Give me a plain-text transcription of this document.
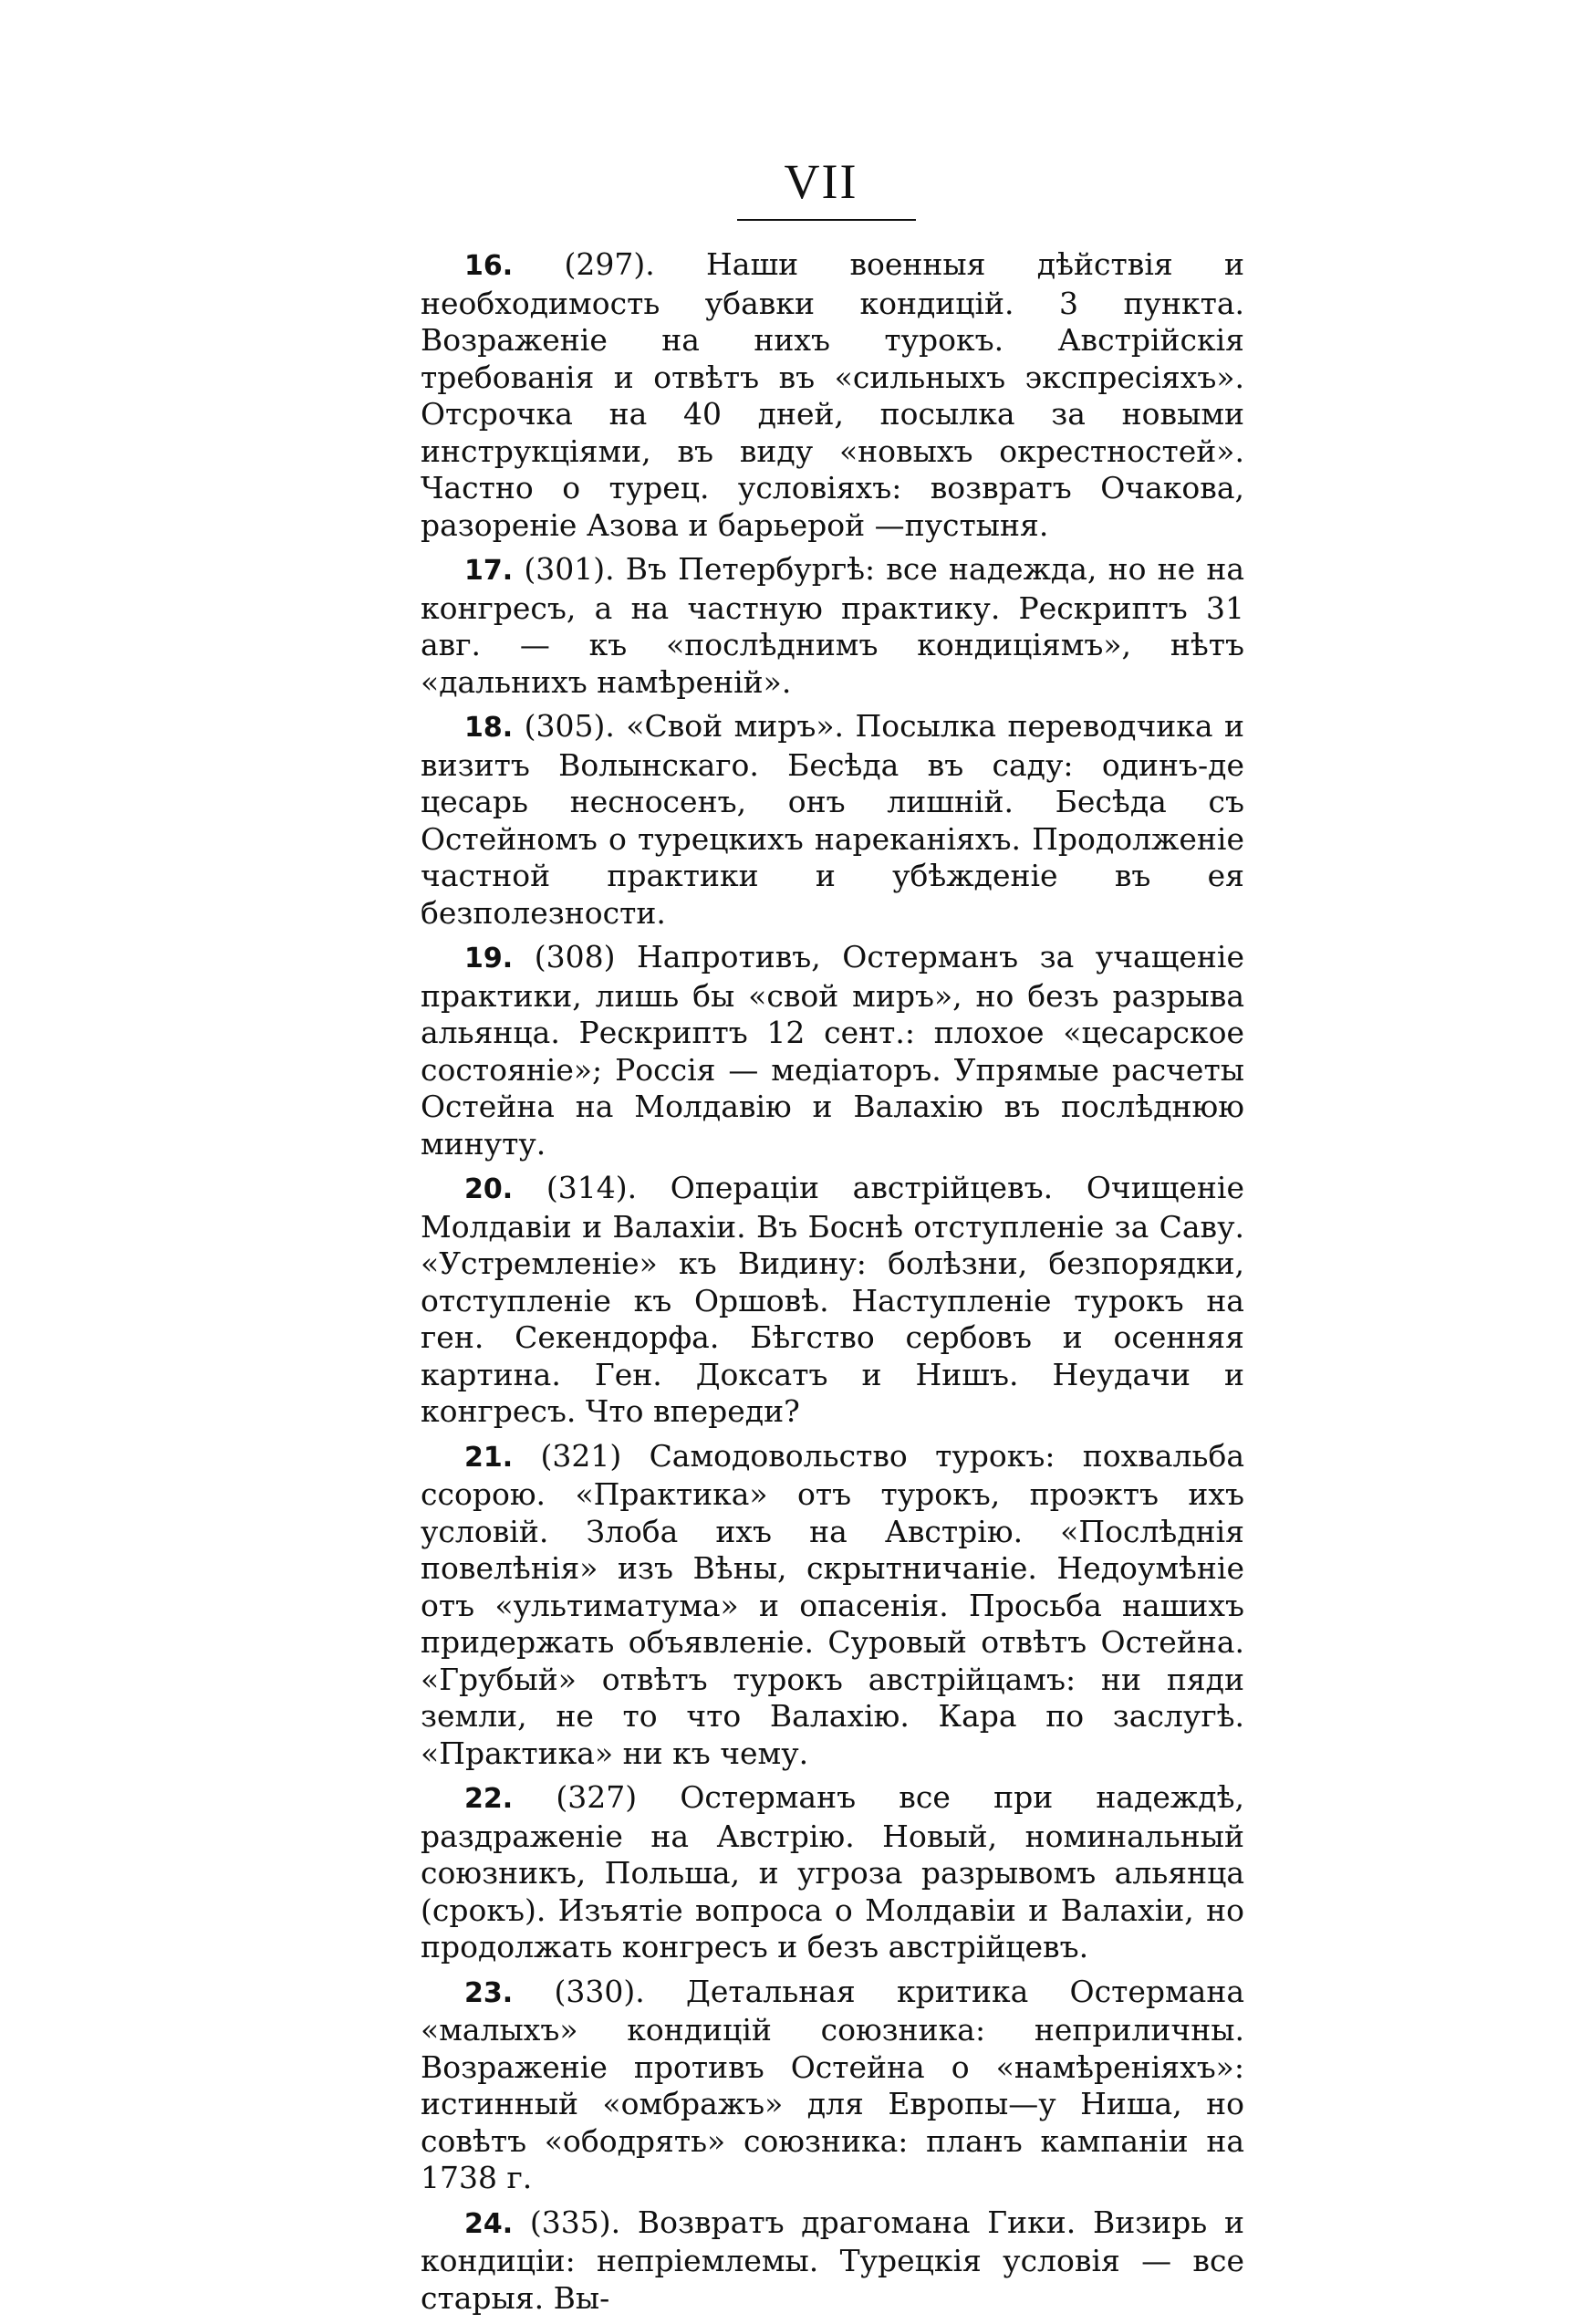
VII

16. (297). Наши военныя дѣйствія и необходимость убавки кондицій. 3 пункта. Возраженіе на нихъ турокъ. Австрійскія требованія и отвѣтъ въ «сильныхъ экспресіяхъ». Отсрочка на 40 дней, посылка за новыми инструкціями, въ виду «новыхъ окрестностей». Частно о турец. условіяхъ: возвратъ Очакова, разореніе Азова и барьерой —пустыня.

17. (301). Въ Петербургѣ: все надежда, но не на конгресъ, а на частную практику. Рескриптъ 31 авг. — къ «послѣднимъ кондиціямъ», нѣтъ «дальнихъ намѣреній».

18. (305). «Свой миръ». Посылка переводчика и визитъ Волынскаго. Бесѣда въ саду: одинъ-де цесарь несносенъ, онъ лишній. Бесѣда съ Остейномъ о турецкихъ нареканіяхъ. Продолженіе частной практики и убѣжденіе въ ея безполезности.

19. (308) Напротивъ, Остерманъ за учащеніе практики, лишь бы «свой миръ», но безъ разрыва альянца. Рескриптъ 12 сент.: плохое «цесарское состояніе»; Россія — медіаторъ. Упрямые расчеты Остейна на Молдавію и Валахію въ послѣднюю минуту.

20. (314). Операціи австрійцевъ. Очищеніе Молдавіи и Валахіи. Въ Боснѣ отступленіе за Саву. «Устремленіе» къ Видину: болѣзни, безпорядки, отступленіе къ Оршовѣ. Наступленіе турокъ на ген. Секендорфа. Бѣгство сербовъ и осенняя картина. Ген. Доксатъ и Нишъ. Неудачи и конгресъ. Что впереди?

21. (321) Самодовольство турокъ: похвальба ссорою. «Практика» отъ турокъ, проэктъ ихъ условій. Злоба ихъ на Австрію. «Послѣднія повелѣнія» изъ Вѣны, скрытничаніе. Недоумѣніе отъ «ультиматума» и опасенія. Просьба нашихъ придержать объявленіе. Суровый отвѣтъ Остейна. «Грубый» отвѣтъ турокъ австрійцамъ: ни пяди земли, не то что Валахію. Кара по заслугѣ. «Практика» ни къ чему.

22. (327) Остерманъ все при надеждѣ, раздраженіе на Австрію. Новый, номинальный союзникъ, Польша, и угроза разрывомъ альянца (срокъ). Изъятіе вопроса о Молдавіи и Валахіи, но продолжать конгресъ и безъ австрійцевъ.

23. (330). Детальная критика Остермана «малыхъ» кондицій союзника: неприличны. Возраженіе противъ Остейна о «намѣреніяхъ»: истинный «омбражъ» для Европы—у Ниша, но совѣтъ «ободрять» союзника: планъ кампаніи на 1738 г.

24. (335). Возвратъ драгомана Гики. Визирь и кондиціи: непріемлемы. Турецкія условія — все старыя. Вы-
